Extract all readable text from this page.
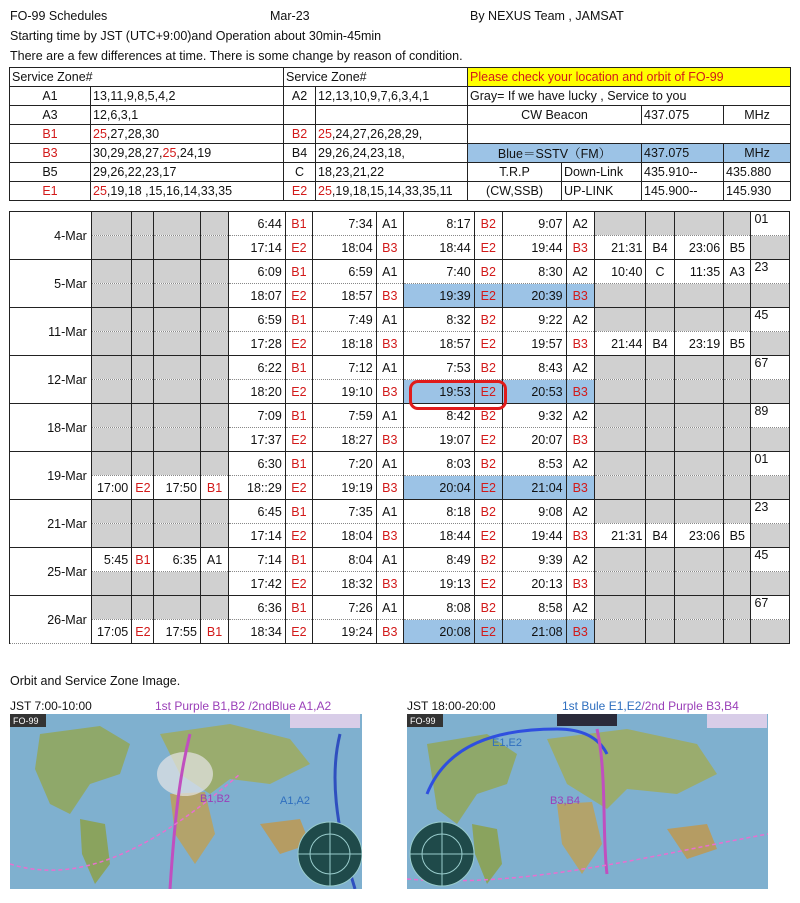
FO-99 Schedules	Mar-23	By NEXUS Team , JAMSAT
Starting time by JST (UTC+9:00)and Operation about 30min-45min
There are a few differences at time. There is some change by reason of condition.
Service Zone#		Service Zone#		Please check your location and orbit of FO-99			
A1	13,11,9,8,5,4,2	A2	12,13,10,9,7,6,3,4,1	Gray= If we have lucky , Service to you			
A3	12,6,3,1			CW Beacon		437.075	MHz
B1	25,27,28,30	B2	25,24,27,26,28,29,				
B3	30,29,28,27,25,24,19	B4	29,26,24,23,18,	Blue＝SSTV（FM）		437.075	MHz
B5	29,26,22,23,17	C	18,23,21,22	T.R.P	Down-Link	435.910--	435.880
E1	25,19,18 ,15,16,14,33,35	E2	25,19,18,15,14,33,35,11	(CW,SSB)	UP-LINK	145.900--	145.930
4-Mar					6:44	B1	7:34	A1	8:17	B2	9:07	A2					01
					17:14	E2	18:04	B3	18:44	E2	19:44	B3	21:31	B4	23:06	B5	
5-Mar					6:09	B1	6:59	A1	7:40	B2	8:30	A2	10:40	C	11:35	A3	23
					18:07	E2	18:57	B3	19:39	E2	20:39	B3					
11-Mar					6:59	B1	7:49	A1	8:32	B2	9:22	A2					45
					17:28	E2	18:18	B3	18:57	E2	19:57	B3	21:44	B4	23:19	B5	
12-Mar					6:22	B1	7:12	A1	7:53	B2	8:43	A2					67
					18:20	E2	19:10	B3	19:53	E2	20:53	B3					
18-Mar					7:09	B1	7:59	A1	8:42	B2	9:32	A2					89
					17:37	E2	18:27	B3	19:07	E2	20:07	B3					
19-Mar					6:30	B1	7:20	A1	8:03	B2	8:53	A2					01
	17:00	E2	17:50	B1	18::29	E2	19:19	B3	20:04	E2	21:04	B3					
21-Mar					6:45	B1	7:35	A1	8:18	B2	9:08	A2					23
					17:14	E2	18:04	B3	18:44	E2	19:44	B3	21:31	B4	23:06	B5	
25-Mar	5:45	B1	6:35	A1	7:14	B1	8:04	A1	8:49	B2	9:39	A2					45
					17:42	E2	18:32	B3	19:13	E2	20:13	B3					
26-Mar					6:36	B1	7:26	A1	8:08	B2	8:58	A2					67
	17:05	E2	17:55	B1	18:34	E2	19:24	B3	20:08	E2	21:08	B3					
Orbit and Service Zone Image.
JST 7:00-10:00	1st Purple B1,B2 /2ndBlue A1,A2
FO-99
B1,B2	A1,A2
JST 18:00-20:00	1st Bule E1,E2/2nd Purple B3,B4
FO-99
E1,E2
B3,B4
